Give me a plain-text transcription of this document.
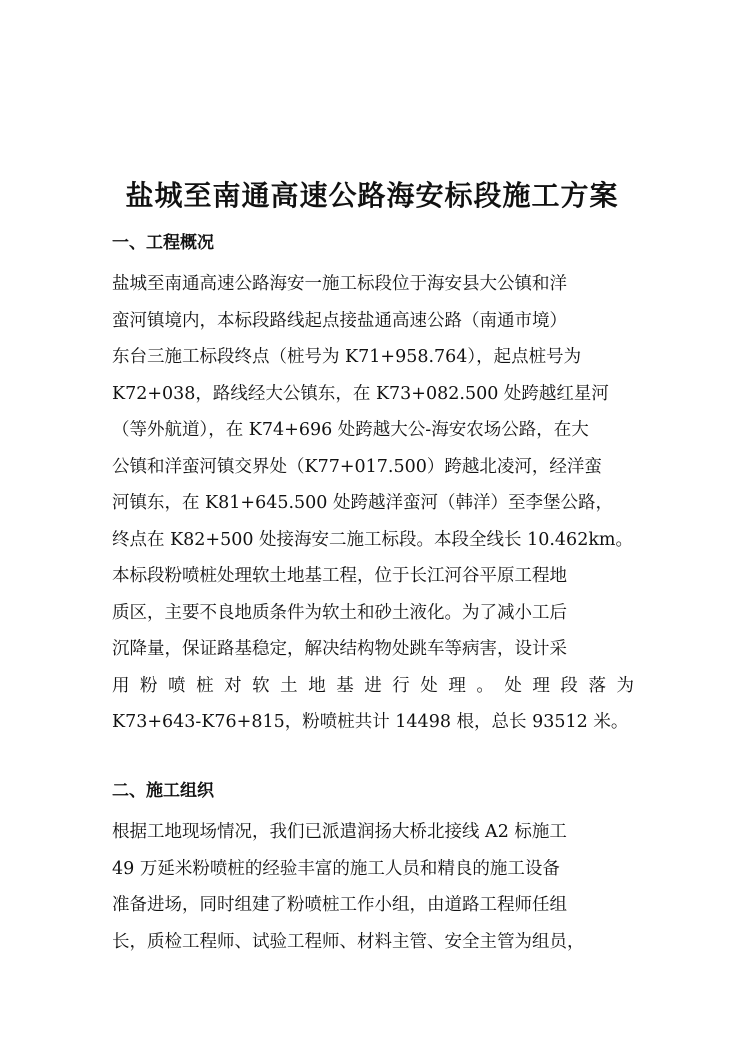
盐城至南通高速公路海安标段施工方案
一、工程概况
盐城至南通高速公路海安一施工标段位于海安县大公镇和洋
蛮河镇境内，本标段路线起点接盐通高速公路（南通市境）
东台三施工标段终点（桩号为 K71+958.764），起点桩号为
K72+038，路线经大公镇东，在 K73+082.500 处跨越红星河
（等外航道），在 K74+696 处跨越大公-海安农场公路，在大
公镇和洋蛮河镇交界处（K77+017.500）跨越北凌河，经洋蛮
河镇东，在 K81+645.500 处跨越洋蛮河（韩洋）至李堡公路，
终点在 K82+500 处接海安二施工标段。本段全线长 10.462km。
本标段粉喷桩处理软土地基工程，位于长江河谷平原工程地
质区，主要不良地质条件为软土和砂土液化。为了减小工后
沉降量，保证路基稳定，解决结构物处跳车等病害，设计采
用 粉 喷 桩 对 软 土 地 基 进 行 处 理 。 处 理 段 落 为
K73+643-K76+815，粉喷桩共计 14498 根，总长 93512 米。
二、施工组织
根据工地现场情况，我们已派遣润扬大桥北接线 A2 标施工
49 万延米粉喷桩的经验丰富的施工人员和精良的施工设备
准备进场，同时组建了粉喷桩工作小组，由道路工程师任组
长，质检工程师、试验工程师、材料主管、安全主管为组员，
